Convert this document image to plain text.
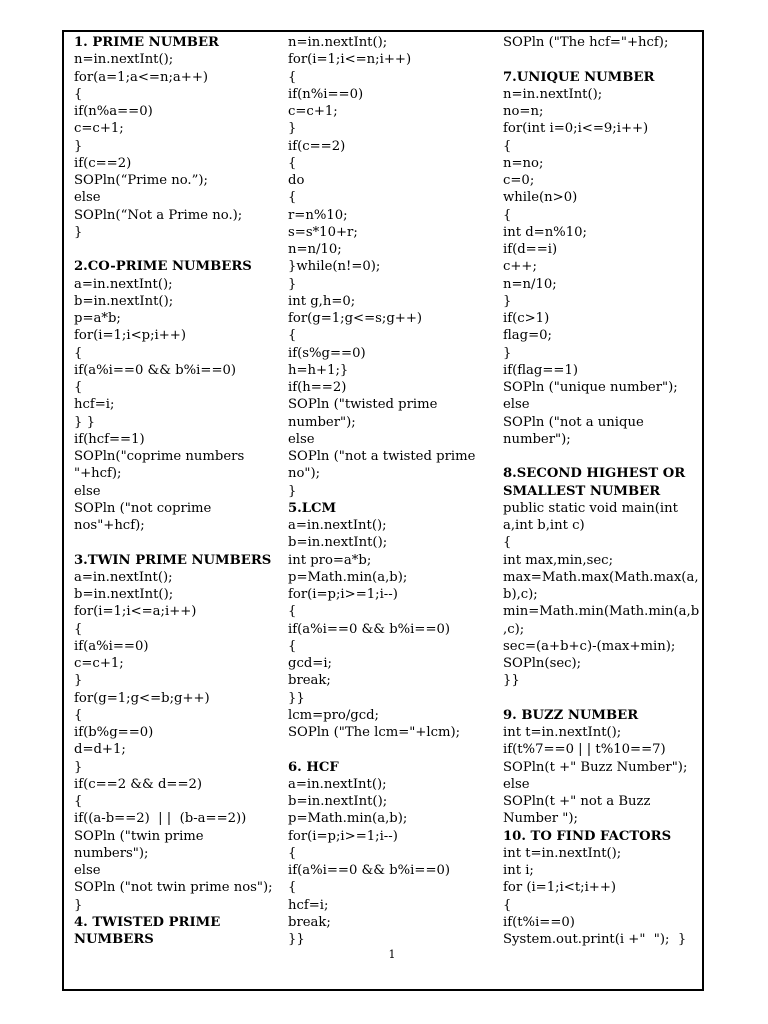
1. PRIME NUMBER
n=in.nextInt();
for(a=1;a<=n;a++)
{
if(n%a==0)
c=c+1;
}
if(c==2)
SOPln(“Prime no.”);
else
SOPln(“Not a Prime no.);
}
2.CO-PRIME NUMBERS
a=in.nextInt();
b=in.nextInt();
p=a*b;
for(i=1;i<p;i++)
{
if(a%i==0 && b%i==0)
{
hcf=i;
} }
if(hcf==1)
SOPln("coprime numbers
"+hcf);
else
SOPln ("not coprime
nos"+hcf);
3.TWIN PRIME NUMBERS
a=in.nextInt();
b=in.nextInt();
for(i=1;i<=a;i++)
{
if(a%i==0)
c=c+1;
}
for(g=1;g<=b;g++)
{
if(b%g==0)
d=d+1;
}
if(c==2 && d==2)
{
if((a-b==2)  | |  (b-a==2))
SOPln ("twin prime
numbers");
else
SOPln ("not twin prime nos");
}
4. TWISTED PRIME
NUMBERS
n=in.nextInt();
for(i=1;i<=n;i++)
{
if(n%i==0)
c=c+1;
}
if(c==2)
{
do
{
r=n%10;
s=s*10+r;
n=n/10;
}while(n!=0);
}
int g,h=0;
for(g=1;g<=s;g++)
{
if(s%g==0)
h=h+1;}
if(h==2)
SOPln ("twisted prime
number");
else
SOPln ("not a twisted prime
no");
}
5.LCM
a=in.nextInt();
b=in.nextInt();
int pro=a*b;
p=Math.min(a,b);
for(i=p;i>=1;i--)
{
if(a%i==0 && b%i==0)
{
gcd=i;
break;
}}
lcm=pro/gcd;
SOPln ("The lcm="+lcm);
6. HCF
a=in.nextInt();
b=in.nextInt();
p=Math.min(a,b);
for(i=p;i>=1;i--)
{
if(a%i==0 && b%i==0)
{
hcf=i;
break;
}}
SOPln ("The hcf="+hcf);
7.UNIQUE NUMBER
n=in.nextInt();
no=n;
for(int i=0;i<=9;i++)
{
n=no;
c=0;
while(n>0)
{
int d=n%10;
if(d==i)
c++;
n=n/10;
}
if(c>1)
flag=0;
}
if(flag==1)
SOPln ("unique number");
else
SOPln ("not a unique
number");
8.SECOND HIGHEST OR
SMALLEST NUMBER
public static void main(int
a,int b,int c)
{
int max,min,sec;
max=Math.max(Math.max(a,
b),c);
min=Math.min(Math.min(a,b
,c);
sec=(a+b+c)-(max+min);
SOPln(sec);
}}
9. BUZZ NUMBER
int t=in.nextInt();
if(t%7==0 | | t%10==7)
SOPln(t +" Buzz Number");
else
SOPln(t +" not a Buzz
Number ");
10. TO FIND FACTORS
int t=in.nextInt();
int i;
for (i=1;i<t;i++)
{
if(t%i==0)
System.out.print(i +"  ");  }
1
